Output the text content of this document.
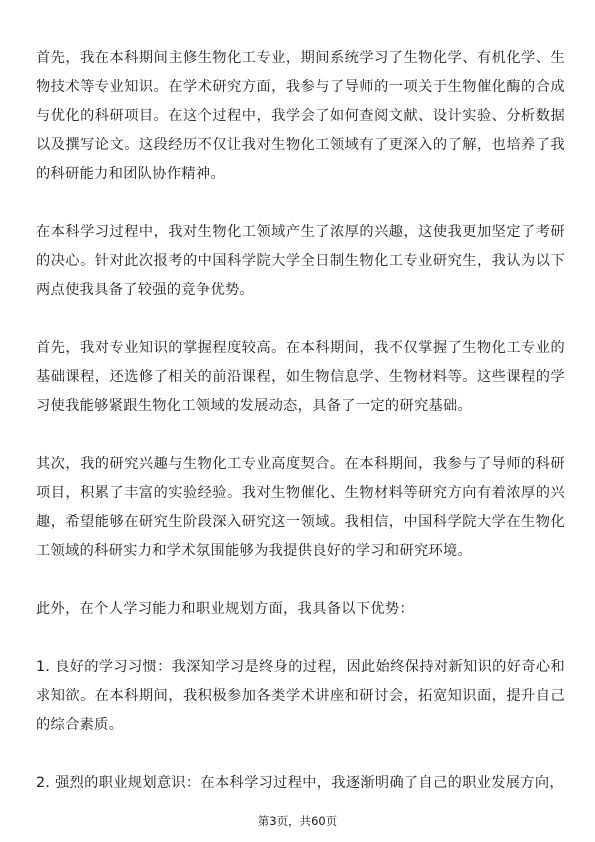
首先，我在本科期间主修生物化工专业，期间系统学习了生物化学、有机化学、生物技术等专业知识。在学术研究方面，我参与了导师的一项关于生物催化酶的合成与优化的科研项目。在这个过程中，我学会了如何查阅文献、设计实验、分析数据以及撰写论文。这段经历不仅让我对生物化工领域有了更深入的了解，也培养了我的科研能力和团队协作精神。

在本科学习过程中，我对生物化工领域产生了浓厚的兴趣，这使我更加坚定了考研的决心。针对此次报考的中国科学院大学全日制生物化工专业研究生，我认为以下两点使我具备了较强的竞争优势。

首先，我对专业知识的掌握程度较高。在本科期间，我不仅掌握了生物化工专业的基础课程，还选修了相关的前沿课程，如生物信息学、生物材料等。这些课程的学习使我能够紧跟生物化工领域的发展动态，具备了一定的研究基础。

其次，我的研究兴趣与生物化工专业高度契合。在本科期间，我参与了导师的科研项目，积累了丰富的实验经验。我对生物催化、生物材料等研究方向有着浓厚的兴趣，希望能够在研究生阶段深入研究这一领域。我相信，中国科学院大学在生物化工领域的科研实力和学术氛围能够为我提供良好的学习和研究环境。

此外，在个人学习能力和职业规划方面，我具备以下优势：

1. 良好的学习习惯：我深知学习是终身的过程，因此始终保持对新知识的好奇心和求知欲。在本科期间，我积极参加各类学术讲座和研讨会，拓宽知识面，提升自己的综合素质。

2. 强烈的职业规划意识：在本科学习过程中，我逐渐明确了自己的职业发展方向，

第3页，共60页
